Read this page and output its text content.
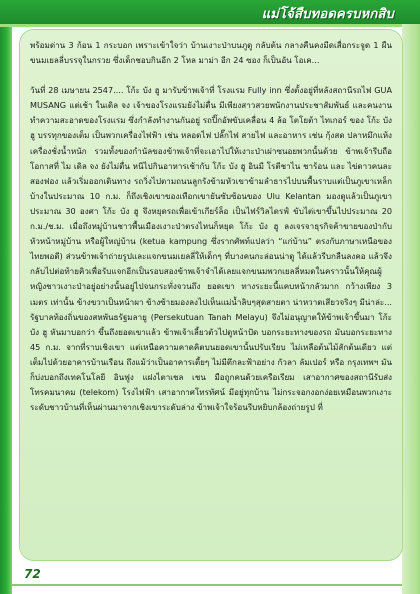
แม่โจ้สืบทอดครบหกสิบ

พร้อมด่าน 3 ก้อน 1 กระบอก เพราะเข้าใจว่า บ้านเงาะป่าบนภูดู กลับต้น กลางคืนคงมีดเสื่อกระจูด 1 ผืน ขนมเยลลี่บรรจุในกรวย ซึ่งเด็กชอบกินอีก 2 โหล มาม่า อีก 24 ซอง ก็เป็นอัน โอเค...

วันที่ 28 เมษายน 2547.... โก้ะ บัง ฮู มารับข้าพเจ้าที่ โรงแรม Fully inn ซึ่งตั้งอยู่ที่หลังสถานีรถไฟ GUA MUSANG แต่เช้า ในเดิล จง เจ้าของโรงแรมยังไม่ตื่น มีเพียงสาวสวยพนักงานประชาสัมพันธ์ และคนงานทำความสะอาดของโรงแรม ซึ่งกำลังทำงานกันอยู่ รถปิ๊กอัพขับเคลื่อน 4 ล้อ โตโยต้า ไทเกอร์ ของ โก้ะ บัง ฮู บรรทุกของเต็ม เป็นพวกเครื่องไฟฟ้า เช่น หลอดไฟ ปลั๊กไฟ สายไฟ และอาหาร เช่น กุ้งสด ปลาหมึกแห้ง เครื่องชั่งน้ำหนัก รวมทั้งของกำนัลของข้าพเจ้าที่จะเอาไปให้เงาะป่าเผ่าซนอยพวกนั้นด้วย ข้าพเจ้ารีบถือโอกาสที่ ไม เดิล จง ยังไม่ตื่น หนีไปกินอาหารเช้ากับ โก้ะ บัง ฮู อินมี โรตีชาไน ชาร้อน และ ไข่ดาวคนละสองฟอง แล้วเริ่มออกเดินทาง รถวิ่งไปตามถนนลูกรังข้ามหัวเขาข้ามลำธารไปบนพื้นราบแต่เป็นภูเขาเหล็กบ้างในประมาณ 10 ก.ม. ก็ถึงเชิงเขาของเทือกเขายันซับซ้อนของ Ulu Kelantan มองดูแล้วเป็นภูเขาประมาณ 30 องศา โก้ะ บัง ฮู จึงหยุดรถเพื่อเข้าเกียร์ล็อ เป็นไฟร์วิลไดรฟ์ ขับไต่เขาขึ้นไปประมาณ 20 ก.ม./ช.ม. เมื่อถึงหมู่บ้านชาวพื้นเมืองเงาะป่าตรงไหนก็หยุด โก้ะ บัง ฮู ลงเจรจาธุรกิจค้าขายของป่ากับหัวหน้าหมู่บ้าน หรือผู้ใหญ่บ้าน (ketua kampung ซึ่งรากศัพท์แปลว่า “แก่บ้าน” ตรงกับภาษาเหนือของไทยพอดี) ส่วนข้าพเจ้าถ่ายรูปและแจกขนมเยลลี่ให้เด็กๆ ที่บางคนกะล่อนน่าดู ได้แล้วรีบกลืนลงคอ แล้วจึงกลับไปต่อท้ายคิวเพื่อรับแจกอีกเป็นรอบสองข้าพเจ้าจำได้เลยแจกขนมพวกเยลลี่หมดในคราวนั้นให้คุณผู้หญิงชาวเงาะป่าอยู่อย่างนั้นอยู่ไปจนกระทั่งจวนถึง ยอดเขา ทางระยะนี้แคบหน้ากลัวมาก กว้างเพียง 3 เมตร เท่านั้น ข้างขวาเป็นหน้าผา ข้างซ้ายมองลงไปเห็นแม่น้ำลิบๆสุดสายตา น่าหวาดเสียวจริงๆ มีน่าล่ะ... รัฐบาลท้องถิ่นของสหพันธรัฐมลายู (Persekutuan Tanah Melayu) จึงไม่อนุญาตให้ข้าพเจ้าขึ้นมา โก้ะ บัง ฮู หันมาบอกว่า ขึ้นถึงยอดเขาแล้ว ข้าพเจ้าเลี้ยวตัวไปดูหน้าปัด บอกระยะทางของรถ มันบอกระยะทาง 45 ก.ม. จากที่ราบเชิงเขา แต่เหนือความคาดคิดบนยอดเขานั้นปรับเรียบ ไม่เหลือต้นไม้สักต้นเดียว แต่เต็มไปด้วยอาคารบ้านเรือน ถึงแม้ว่าเป็นอาคารเตี้ยๆ ไม่มีตึกละฟ้าอย่าง กัวลา ลัมเปอร์ หรือ กรุงเทพฯ มันก็บ่งบอกถึงเทคโนโลยี อินฟูง แฝงไตาเชล เชน มือถูกคนด้วยเครือเรียม เสาอากาศของสถานีรับส่งโทรคมนาคม (telekom) โรงไฟฟ้า เสาอากาศโทรทัศน์ มีอยู่ทุกบ้าน ไม่กระจอกงอกง่อยเหมือนพวกเงาะระดับชาวบ้านที่เห็นผ่านมาจากเชิงเขาระดับล่าง ข้าพเจ้าใจร้อนรีบหยิบกล้องถ่ายรูป ที่

72
